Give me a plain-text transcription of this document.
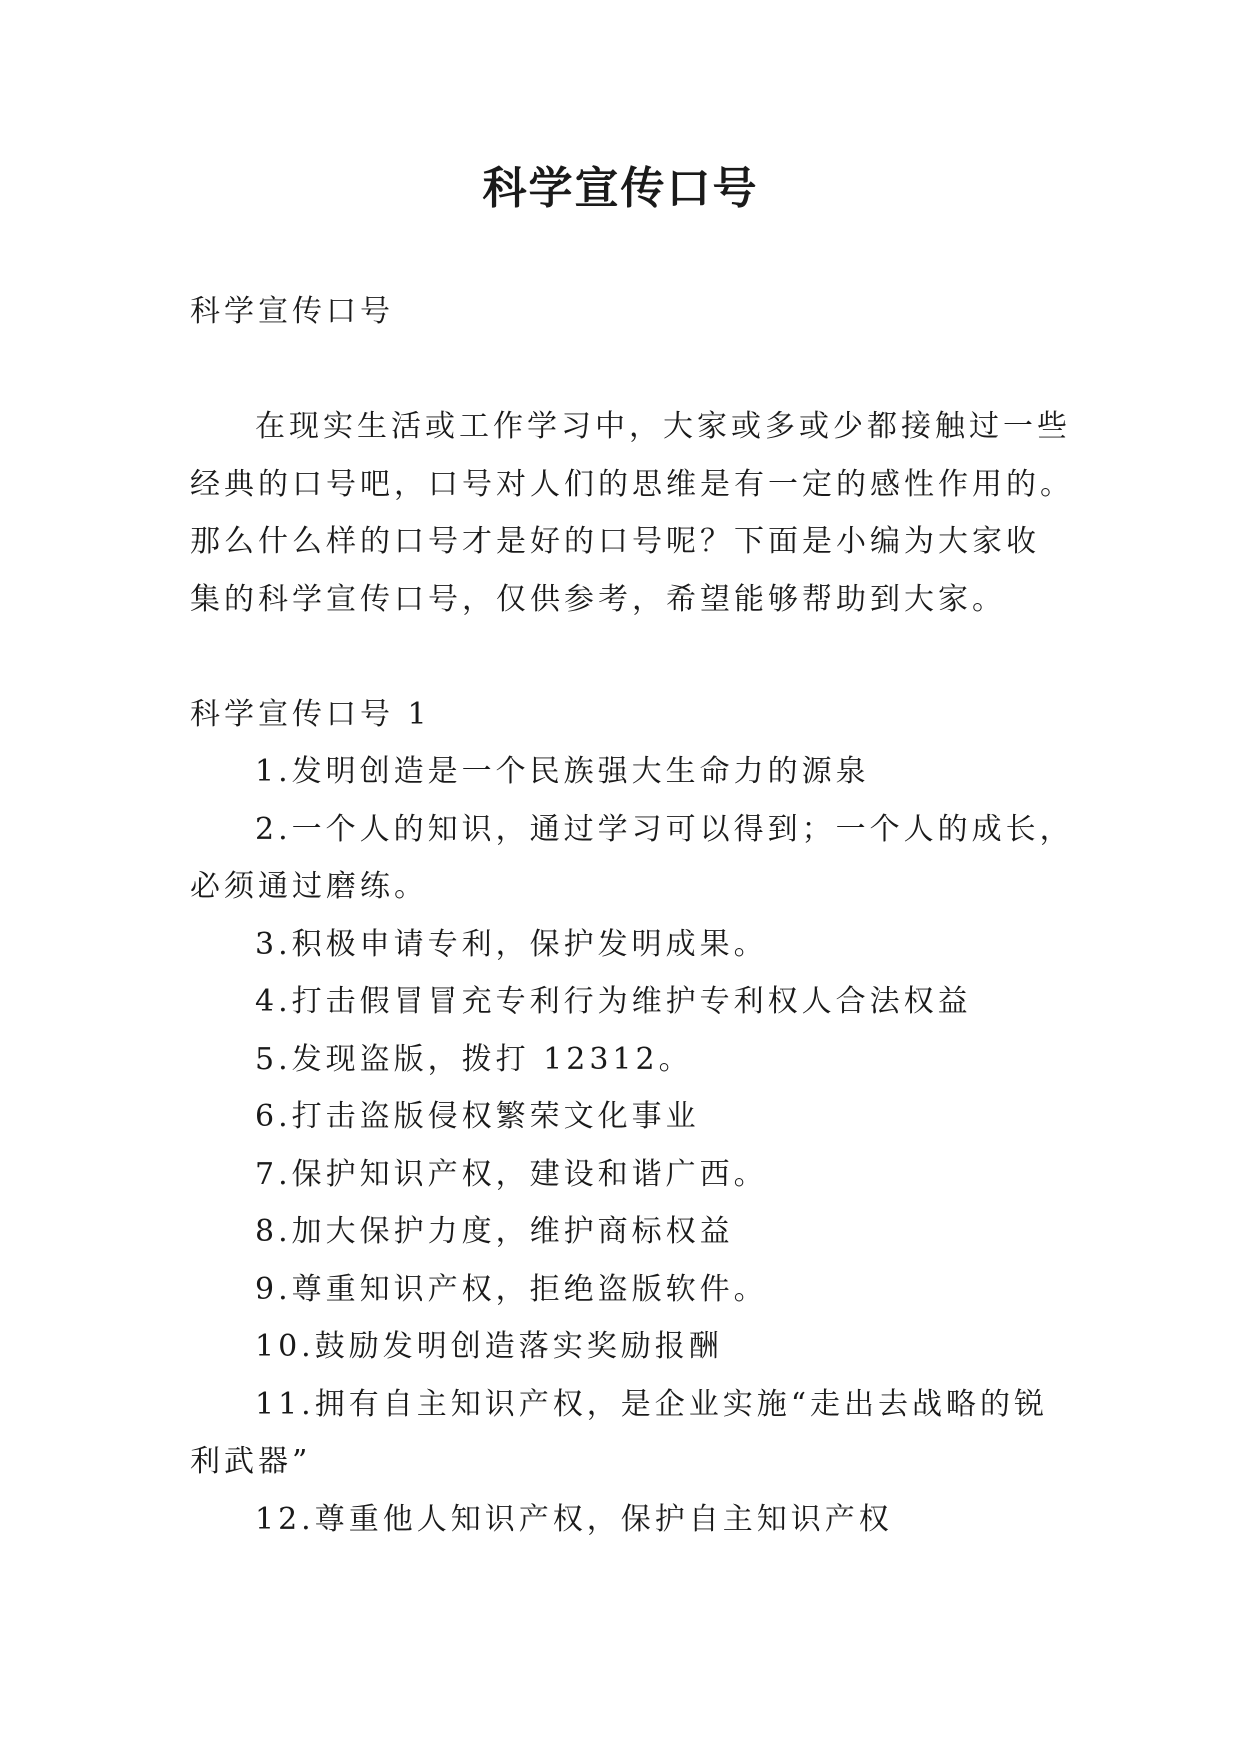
科学宣传口号

科学宣传口号

在现实生活或工作学习中，大家或多或少都接触过一些

经典的口号吧，口号对人们的思维是有一定的感性作用的。

那么什么样的口号才是好的口号呢？下面是小编为大家收

集的科学宣传口号，仅供参考，希望能够帮助到大家。

科学宣传口号 1

1.发明创造是一个民族强大生命力的源泉

2.一个人的知识，通过学习可以得到；一个人的成长，

必须通过磨练。

3.积极申请专利，保护发明成果。

4.打击假冒冒充专利行为维护专利权人合法权益

5.发现盗版，拨打 12312。

6.打击盗版侵权繁荣文化事业

7.保护知识产权，建设和谐广西。

8.加大保护力度，维护商标权益

9.尊重知识产权，拒绝盗版软件。

10.鼓励发明创造落实奖励报酬

11.拥有自主知识产权，是企业实施“走出去战略的锐

利武器”

12.尊重他人知识产权，保护自主知识产权
